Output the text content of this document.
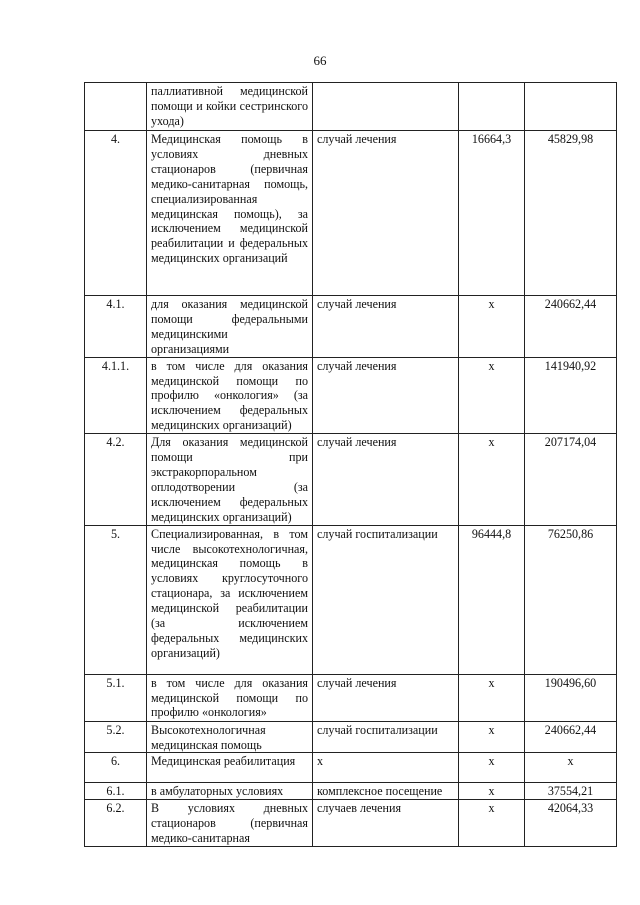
66
	паллиативной медицинской помощи и койки сестринского ухода)			
4.	Медицинская помощь в условиях дневных стационаров (первичная медико-санитарная помощь, специализированная медицинская помощь), за исключением медицинской реабилитации и федеральных медицинских организаций	случай лечения	16664,3	45829,98
4.1.	для оказания медицинской помощи федеральными медицинскими организациями	случай лечения	x	240662,44
4.1.1.	в том числе для оказания медицинской помощи по профилю «онкология» (за исключением федеральных медицинских организаций)	случай лечения	x	141940,92
4.2.	Для оказания медицинской помощи при экстракорпоральном оплодотворении (за исключением федеральных медицинских организаций)	случай лечения	x	207174,04
5.	Специализированная, в том числе высокотехнологичная, медицинская помощь в условиях круглосуточного стационара, за исключением медицинской реабилитации (за исключением федеральных медицинских организаций)	случай госпитализации	96444,8	76250,86
5.1.	в том числе для оказания медицинской помощи по профилю «онкология»	случай лечения	x	190496,60
5.2.	Высокотехнологичная медицинская помощь	случай госпитализации	x	240662,44
6.	Медицинская реабилитация	x	x	x
6.1.	в амбулаторных условиях	комплексное посещение	x	37554,21
6.2.	В условиях дневных стационаров (первичная медико-санитарная	случаев лечения	x	42064,33
